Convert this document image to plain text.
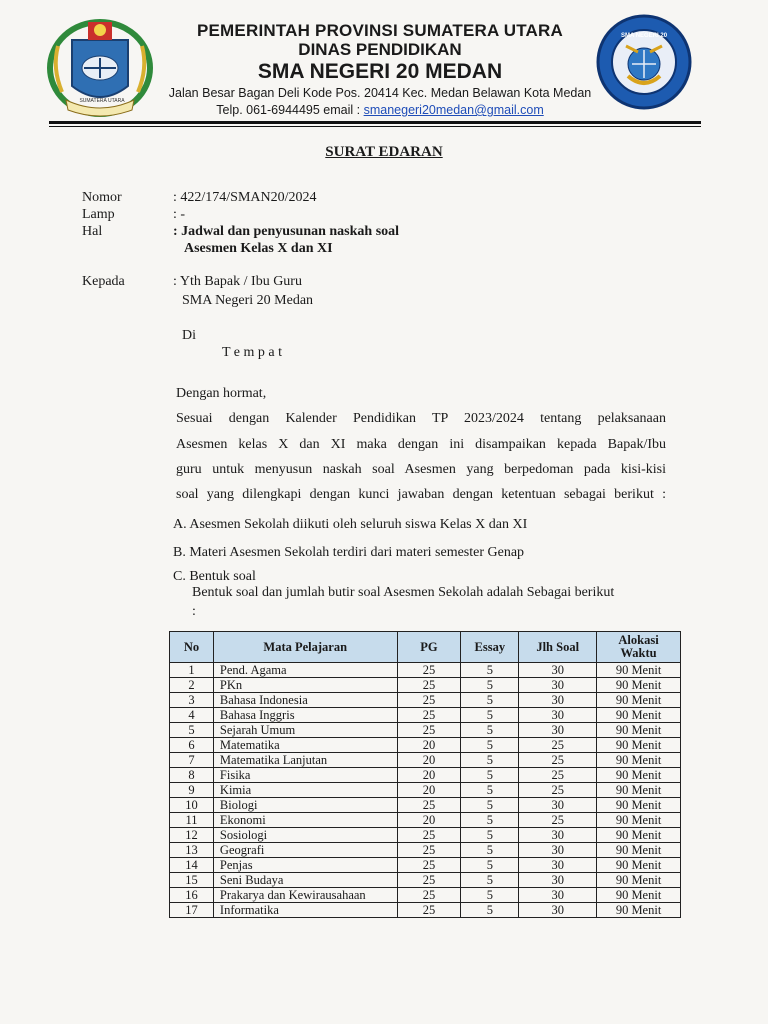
SUMATERA UTARA
SMA NEGERI 20
PEMERINTAH PROVINSI SUMATERA UTARA
DINAS PENDIDIKAN
SMA NEGERI 20 MEDAN
Jalan Besar Bagan Deli Kode Pos. 20414 Kec. Medan Belawan Kota Medan
Telp. 061-6944495 email : smanegeri20medan@gmail.com
SURAT EDARAN
Nomor	: 422/174/SMAN20/2024
Lamp	: -
Hal	: Jadwal dan penyusunan naskah soal
Asesmen Kelas X dan XI
Kepada	: Yth Bapak / Ibu Guru
SMA Negeri 20 Medan
Di
T e m p a t
Dengan hormat,
Sesuai dengan Kalender Pendidikan TP 2023/2024 tentang pelaksanaan
Asesmen kelas X dan XI maka dengan ini disampaikan kepada Bapak/Ibu
guru untuk menyusun naskah soal Asesmen yang berpedoman pada kisi-kisi
soal yang dilengkapi dengan kunci jawaban dengan ketentuan sebagai berikut :
A. Asesmen Sekolah diikuti oleh seluruh siswa Kelas X dan XI
B. Materi Asesmen Sekolah terdiri dari materi semester Genap
C. Bentuk soal
Bentuk soal dan jumlah butir soal Asesmen Sekolah adalah Sebagai berikut
:
No	Mata Pelajaran	PG	Essay	Jlh Soal	Alokasi Waktu
1	Pend. Agama	25	5	30	90 Menit
2	PKn	25	5	30	90 Menit
3	Bahasa Indonesia	25	5	30	90 Menit
4	Bahasa Inggris	25	5	30	90 Menit
5	Sejarah Umum	25	5	30	90 Menit
6	Matematika	20	5	25	90 Menit
7	Matematika Lanjutan	20	5	25	90 Menit
8	Fisika	20	5	25	90 Menit
9	Kimia	20	5	25	90 Menit
10	Biologi	25	5	30	90 Menit
11	Ekonomi	20	5	25	90 Menit
12	Sosiologi	25	5	30	90 Menit
13	Geografi	25	5	30	90 Menit
14	Penjas	25	5	30	90 Menit
15	Seni Budaya	25	5	30	90 Menit
16	Prakarya dan Kewirausahaan	25	5	30	90 Menit
17	Informatika	25	5	30	90 Menit
